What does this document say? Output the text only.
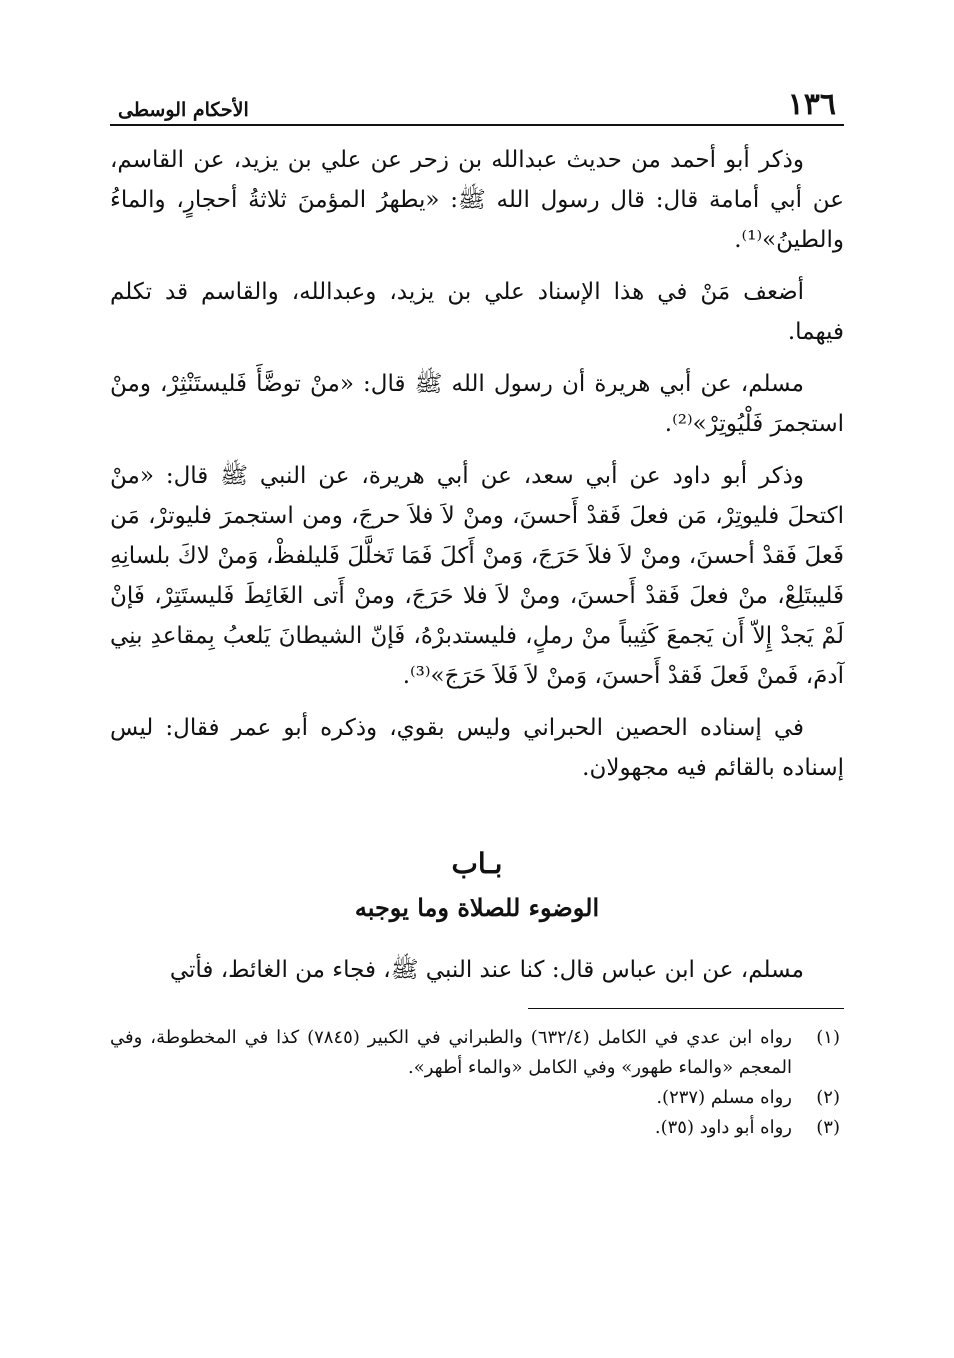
١٣٦
الأحكام الوسطى

وذكر أبو أحمد من حديث عبدالله بن زحر عن علي بن يزيد، عن القاسم، عن أبي أمامة قال: قال رسول الله ﷺ: «يطهرُ المؤمنَ ثلاثةُ أحجارٍ، والماءُ والطينُ»⁽¹⁾.

أضعف مَنْ في هذا الإسناد علي بن يزيد، وعبدالله، والقاسم قد تكلم فيهما.

مسلم، عن أبي هريرة أن رسول الله ﷺ قال: «منْ توضَّأَ فَليستَنْثِرْ، ومنْ استجمرَ فَلْيُوتِرْ»⁽²⁾.

وذكر أبو داود عن أبي سعد، عن أبي هريرة، عن النبي ﷺ قال: «منْ اكتحلَ فليوتِرْ، مَن فعلَ فَقدْ أَحسنَ، ومنْ لاَ فلاَ حرجَ، ومن استجمرَ فليوترْ، مَن فَعلَ فَقدْ أحسنَ، ومنْ لاَ فلاَ حَرَجَ، وَمنْ أَكلَ فَمَا تَخلَّلَ فَليلفظْ، وَمنْ لاكَ بلسانِهِ فَليبتَلِعْ، منْ فعلَ فَقدْ أَحسنَ، ومنْ لاَ فلا حَرَجَ، ومنْ أَتى الغَائِطَ فَليستَتِرْ، فَإنْ لَمْ يَجدْ إِلاّ أَن يَجمعَ كَثِيباً منْ رملٍ، فليستدبرْهُ، فَإنّ الشيطانَ يَلعبُ بِمقاعدِ بنِي آدمَ، فَمنْ فَعلَ فَقدْ أَحسنَ، وَمنْ لاَ فَلاَ حَرَجَ»⁽³⁾.

في إسناده الحصين الحبراني وليس بقوي، وذكره أبو عمر فقال: ليس إسناده بالقائم فيه مجهولان.

بـاب
الوضوء للصلاة وما يوجبه

مسلم، عن ابن عباس قال: كنا عند النبي ﷺ، فجاء من الغائط، فأتي

(١)
رواه ابن عدي في الكامل (٦٣٢/٤) والطبراني في الكبير (٧٨٤٥) كذا في المخطوطة، وفي المعجم «والماء طهور» وفي الكامل «والماء أطهر».
(٢)
رواه مسلم (٢٣٧).
(٣)
رواه أبو داود (٣٥).
